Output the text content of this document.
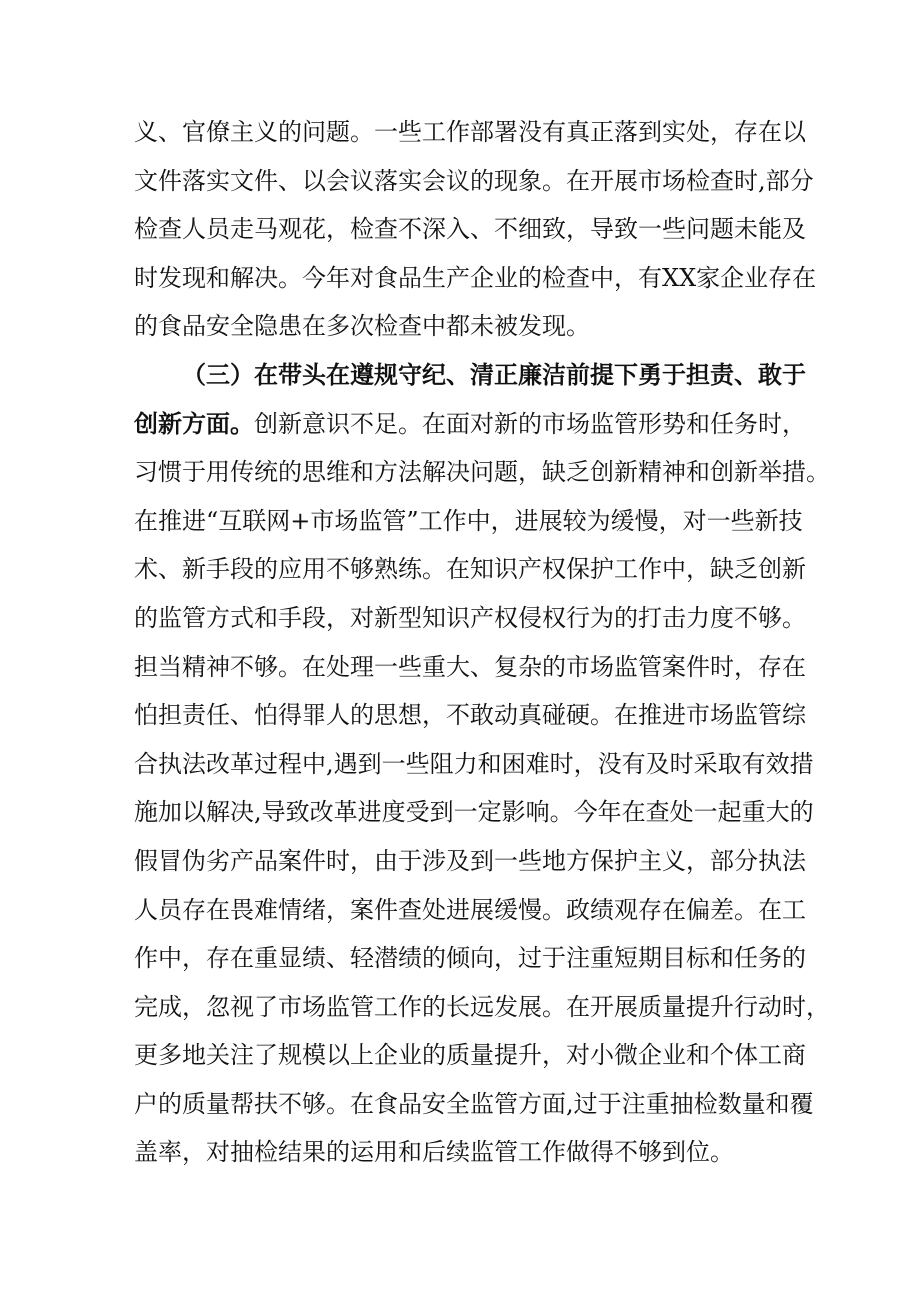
义、官僚主义的问题。一些工作部署没有真正落到实处，存在以
文件落实文件、以会议落实会议的现象。在开展市场检查时,部分
检查人员走马观花，检查不深入、不细致，导致一些问题未能及
时发现和解决。今年对食品生产企业的检查中，有XX家企业存在
的食品安全隐患在多次检查中都未被发现。
（三）在带头在遵规守纪、清正廉洁前提下勇于担责、敢于
创新方面。创新意识不足。在面对新的市场监管形势和任务时，
习惯于用传统的思维和方法解决问题，缺乏创新精神和创新举措。
在推进“互联网+市场监管”工作中，进展较为缓慢，对一些新技
术、新手段的应用不够熟练。在知识产权保护工作中，缺乏创新
的监管方式和手段，对新型知识产权侵权行为的打击力度不够。
担当精神不够。在处理一些重大、复杂的市场监管案件时，存在
怕担责任、怕得罪人的思想，不敢动真碰硬。在推进市场监管综
合执法改革过程中,遇到一些阻力和困难时，没有及时采取有效措
施加以解决,导致改革进度受到一定影响。今年在查处一起重大的
假冒伪劣产品案件时，由于涉及到一些地方保护主义，部分执法
人员存在畏难情绪，案件查处进展缓慢。政绩观存在偏差。在工
作中，存在重显绩、轻潜绩的倾向，过于注重短期目标和任务的
完成，忽视了市场监管工作的长远发展。在开展质量提升行动时，
更多地关注了规模以上企业的质量提升，对小微企业和个体工商
户的质量帮扶不够。在食品安全监管方面,过于注重抽检数量和覆
盖率，对抽检结果的运用和后续监管工作做得不够到位。
